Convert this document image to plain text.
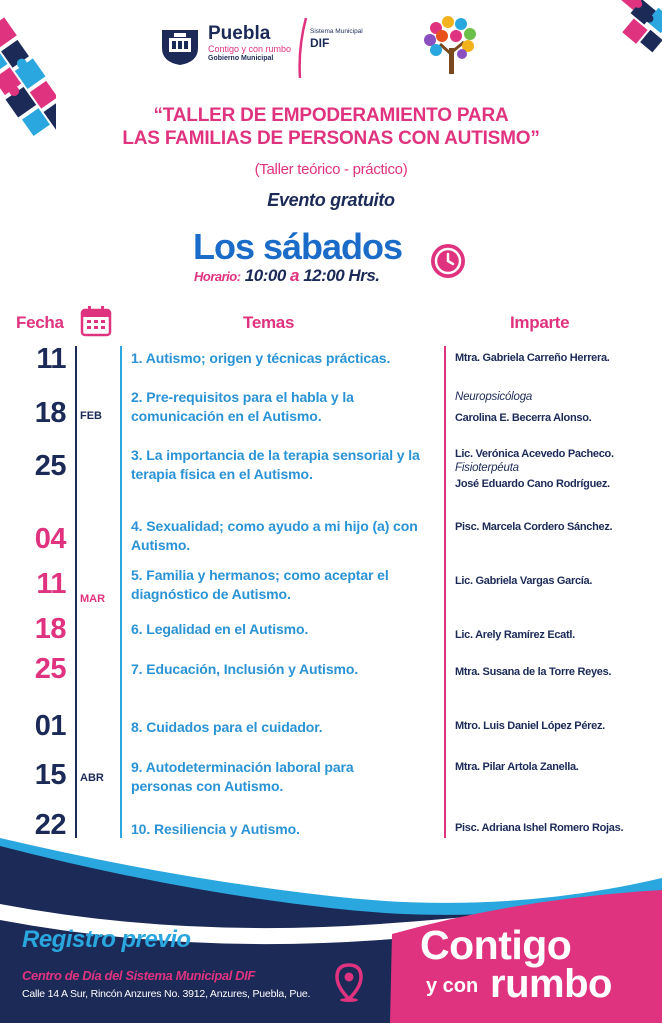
Puebla
Contigo y con rumbo
Gobierno Municipal
Sistema Municipal
DIF
“TALLER DE EMPODERAMIENTO PARA
LAS FAMILIAS DE PERSONAS CON AUTISMO”
(Taller teórico - práctico)
Evento gratuito
Los sábados
Horario: 10:00 a 12:00 Hrs.
Fecha	Temas	Imparte
11
18
25
04
11
18
25
01
15
22
FEB
MAR
ABR
1. Autismo; origen y técnicas prácticas.
2. Pre-requisitos para el habla y la comunicación en el Autismo.
3. La importancia de la terapia sensorial y la terapia física en el Autismo.
4. Sexualidad; como ayudo a mi hijo (a) con Autismo.
5. Familia y hermanos; como aceptar el diagnóstico de Autismo.
6. Legalidad en el Autismo.
7. Educación, Inclusión y Autismo.
8. Cuidados para el cuidador.
9. Autodeterminación laboral para personas con Autismo.
10. Resiliencia y Autismo.
Mtra. Gabriela Carreño Herrera.
Neuropsicóloga
Carolina E. Becerra Alonso.
Lic. Verónica Acevedo Pacheco.
Fisioterpéuta
José Eduardo Cano Rodríguez.
Pisc. Marcela Cordero Sánchez.
Lic. Gabriela Vargas García.
Lic. Arely Ramírez Ecatl.
Mtra. Susana de la Torre Reyes.
Mtro. Luis Daniel López Pérez.
Mtra. Pilar Artola Zanella.
Pisc. Adriana Ishel Romero Rojas.
Registro previo
Centro de Día del Sistema Municipal DIF
Calle 14 A Sur, Rincón Anzures No. 3912, Anzures, Puebla, Pue.
Contigo
y con rumbo
